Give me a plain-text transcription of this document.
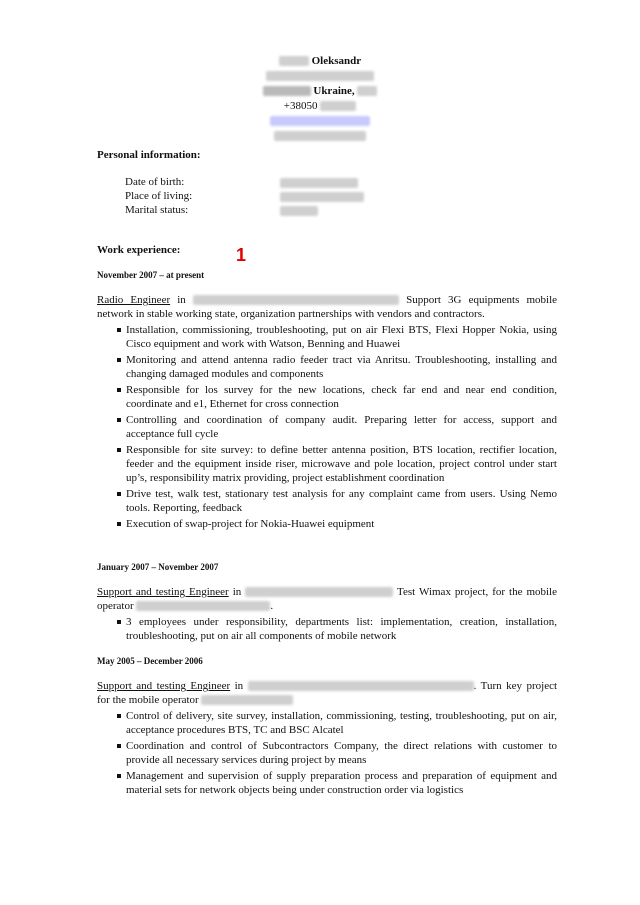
Oleksandr
Ukraine,
+38050
Personal information:
Date of birth:
Place of living:
Marital status:
Work experience:	1
November 2007 – at present
Radio Engineer in	Support 3G equipments mobile network in stable working state, organization partnerships with vendors and contractors.
Installation, commissioning, troubleshooting, put on air Flexi BTS, Flexi Hopper Nokia, using Cisco equipment and work with Watson, Benning and Huawei
Monitoring and attend antenna radio feeder tract via Anritsu. Troubleshooting, installing and changing damaged modules and components
Responsible for los survey for the new locations, check far end and near end condition, coordinate and e1, Ethernet for cross connection
Controlling and coordination of company audit. Preparing letter for access, support and acceptance full cycle
Responsible for site survey: to define better antenna position, BTS location, rectifier location, feeder and the equipment inside riser, microwave and pole location, project control under start up’s, responsibility matrix providing, project establishment coordination
Drive test, walk test, stationary test analysis for any complaint came from users. Using Nemo tools. Reporting, feedback
Execution of swap-project for Nokia-Huawei equipment
January 2007 – November 2007
Support and testing Engineer in	Test Wimax project, for the mobile operator	.
3 employees under responsibility, departments list: implementation, creation, installation, troubleshooting, put on air all components of mobile network
May 2005 – December 2006
Support and testing Engineer in	. Turn key project for the mobile operator
Control of delivery, site survey, installation, commissioning, testing, troubleshooting, put on air, acceptance procedures BTS, TC and BSC Alcatel
Coordination and control of Subcontractors Company, the direct relations with customer to provide all necessary services during project by means
Management and supervision of supply preparation process and preparation of equipment and material sets for network objects being under construction order via logistics
